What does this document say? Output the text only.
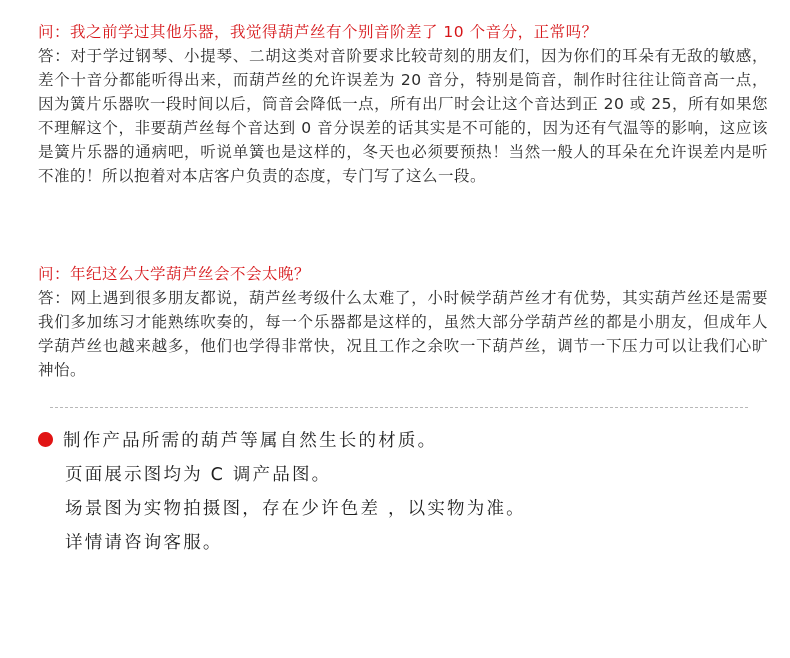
问：我之前学过其他乐器，我觉得葫芦丝有个别音阶差了 10 个音分，正常吗？

答：对于学过钢琴、小提琴、二胡这类对音阶要求比较苛刻的朋友们，因为你们的耳朵有无敌的敏感，差个十音分都能听得出来，而葫芦丝的允许误差为 20 音分，特别是筒音，制作时往往让筒音高一点，因为簧片乐器吹一段时间以后，筒音会降低一点，所有出厂时会让这个音达到正 20 或 25，所有如果您不理解这个，非要葫芦丝每个音达到 0 音分误差的话其实是不可能的，因为还有气温等的影响，这应该是簧片乐器的通病吧，听说单簧也是这样的，冬天也必须要预热！当然一般人的耳朵在允许误差内是听不准的！所以抱着对本店客户负责的态度，专门写了这么一段。

问：年纪这么大学葫芦丝会不会太晚？

答：网上遇到很多朋友都说，葫芦丝考级什么太难了，小时候学葫芦丝才有优势，其实葫芦丝还是需要我们多加练习才能熟练吹奏的，每一个乐器都是这样的，虽然大部分学葫芦丝的都是小朋友，但成年人学葫芦丝也越来越多，他们也学得非常快，况且工作之余吹一下葫芦丝，调节一下压力可以让我们心旷神怡。

制作产品所需的葫芦等属自然生长的材质。
页面展示图均为 C 调产品图。
场景图为实物拍摄图，存在少许色差 ，以实物为准。
详情请咨询客服。
